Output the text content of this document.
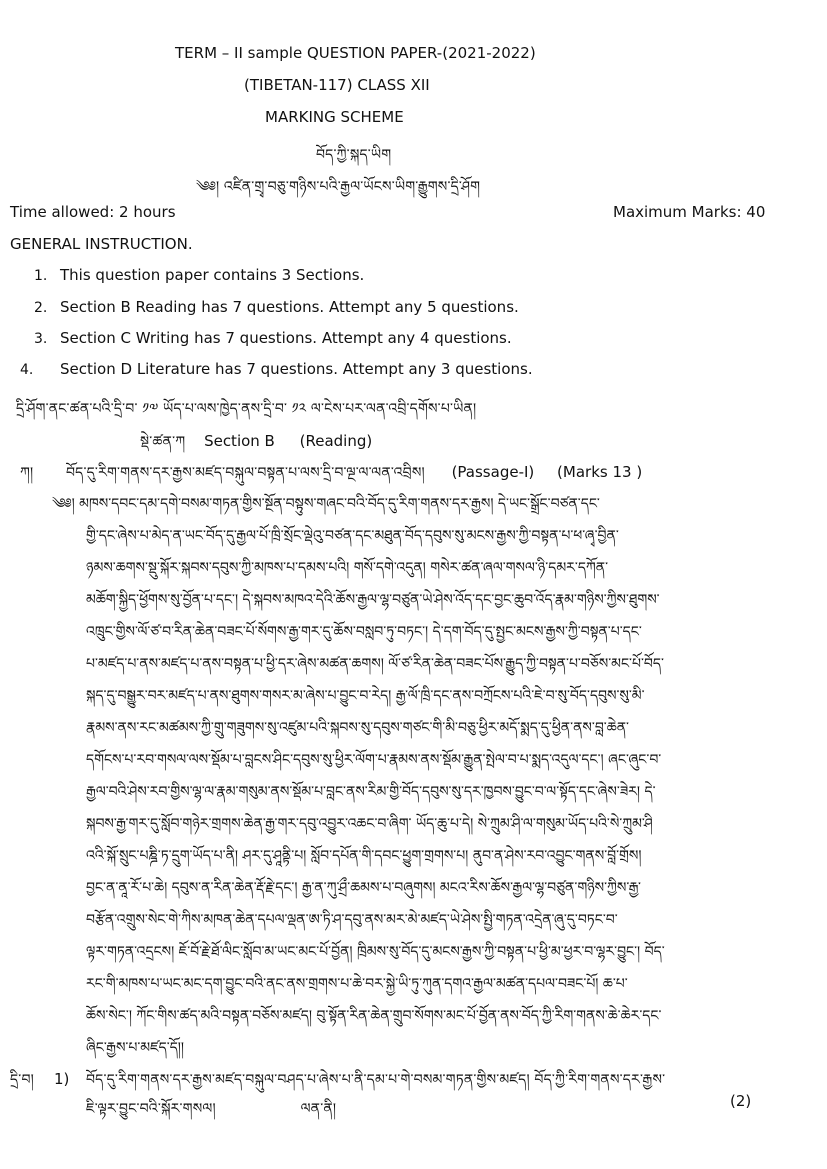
TERM – II sample QUESTION PAPER-(2021-2022)
(TIBETAN-117) CLASS XII
MARKING SCHEME
བོད་ཀྱི་སྐད་ཡིག
༄༅། འཛིན་གྲྭ་བཅུ་གཉིས་པའི་རྒྱལ་ཡོངས་ཡིག་རྒྱུགས་དྲི་ཤོག
Time allowed: 2 hours	Maximum Marks: 40
GENERAL INSTRUCTION.
1. This question paper contains 3 Sections.
2. Section B Reading has 7 questions. Attempt any 5 questions.
3. Section C Writing has 7 questions. Attempt any 4 questions.
4. Section D Literature has 7 questions. Attempt any 3 questions.
དྲི་ཤོག་ནང་ཚན་པའི་དྲི་བ་ ༡༧ ཡོད་པ་ལས་ཁྱེད་ནས་དྲི་བ་ ༡༢ ལ་ངེས་པར་ལན་འབྲི་དགོས་པ་ཡིན།
སྡེ་ཚན་ཀ Section B (Reading)
ཀ། བོད་དུ་རིག་གནས་དར་རྒྱས་མཛད་བསྐུལ་བསྟན་པ་ལས་དྲི་བ་ལྔ་ལ་ལན་འབྲིས། (Passage-I) (Marks 13 )
༄༅། མཁས་དབང་དམ་དགེ་བསམ་གཏན་གྱིས་སྔོན་བསྟུས་གཞང་བའི་བོད་དུ་རིག་གནས་དར་རྒྱས། དེ་ཡང་སྒྲོང་བཙན་དང་
གྱི་དང་ཞེས་པ་མེད་ན་ཡང་བོད་དུ་རྒྱལ་པོ་ཁྲི་སྲོང་ལྡེའུ་བཙན་དང་མཐུན་བོད་དབུས་སུ་མངས་རྒྱས་ཀྱི་བསྟན་པ་ཕ་ཞྭ་བྱིན་
ཉམས་ཆགས་སྡུ་སྐོར་སྐབས་དབུས་ཀྱི་མཁས་པ་དམས་པའི། གསོ་དགེ་འདུན། གསེར་ཚན་ཞལ་གསལ་ཉི་དམར་དཀོན་
མཆོག་སྐྱིད་ཕྱོགས་སུ་བྱོན་པ་དང་། དེ་སྐབས་མཁའ་དེའི་ཆོས་རྒྱལ་ལྷ་བཙུན་ཡེ་ཤེས་འོད་དང་བྱང་ཆུབ་འོད་རྣམ་གཉིས་ཀྱིས་ཐུགས་
འཁྲུང་གྱིས་ལོ་ཙ་བ་རིན་ཆེན་བཟང་པོ་སོགས་རྒྱ་གར་དུ་ཆོས་བསླབ་ཏུ་བཏང་། དེ་དག་བོད་དུ་སྤྱང་མངས་རྒྱས་ཀྱི་བསྟན་པ་དང་
པ་མཛད་པ་ནས་མཛད་པ་ནས་བསྟན་པ་ཕྱི་དར་ཞེས་མཚན་ཆགས། ལོ་ཙ་རིན་ཆེན་བཟང་པོས་རྒྱུད་ཀྱི་བསྟན་པ་བཅོས་མང་པོ་བོད་
སྐད་དུ་བསྒྱུར་བར་མཛད་པ་ནས་ཐུགས་གསར་མ་ཞེས་པ་བྱུང་བ་རེད། རྒྱ་ལོ་ཁྲི་དང་ནས་བཀྲོངས་པའི་ཇེ་བ་སུ་བོད་དབུས་སུ་མི་
རྣམས་ནས་རང་མཚམས་ཀྱི་གྲུ་གཟུགས་སུ་འཛུམ་པའི་སྐབས་སུ་དབུས་གཙང་གི་མི་བཅུ་ཕྱིར་མདོ་སྨད་དུ་ཕྱིན་ནས་བླ་ཆེན་
དགོངས་པ་རབ་གསལ་ལས་སྡོམ་པ་བླངས་ཤིང་དབུས་སུ་ཕྱིར་ལོག་པ་རྣམས་ནས་སྡོམ་རྒྱུན་སྤེལ་བ་པ་སྨད་འདུལ་དང་། ཞང་ཞུང་བ་
རྒྱལ་བའི་ཤེས་རབ་གྱིས་ལྷ་ལ་རྣམ་གསུམ་ནས་སྡོམ་པ་བླང་ནས་རིམ་གྱི་བོད་དབུས་སུ་དར་ཁྱབས་བྱུང་བ་ལ་སྟོད་དང་ཞེས་ཟེར། དེ་
སྐབས་རྒྱ་གར་དུ་སློབ་གཉེར་གྲགས་ཆེན་རྒྱ་གར་དབུ་འབྱུར་འཆང་བ་ཞིག་ ཡོད་ཆུ་པ་དེ། སེ་ཀྲུམ་ཤི་ལ་གསུམ་ཡོད་པའི་སེ་ཀྲུམ་ཤི
འའི་སྐོ་སྲུང་པཎྜི་ཏ་དྲུག་ཡོད་པ་ནི། ཤར་དུ་ཤཱནྟི་པ། སློབ་དཔོན་གི་དབང་ཕྱུག་གྲགས་པ། ནུབ་ན་ཤེས་རབ་འབྱུང་གནས་བློ་གྲོས།
བྱང་ན་ནཱ་རོ་པ་ཆེ། དབུས་ན་རིན་ཆེན་རྡོ་རྗེ་དང་། རྒྱ་ན་ཀུ་ཤྲྀ་ཆམས་པ་བཞུགས། མངའ་རིས་ཆོས་རྒྱལ་ལྷ་བཙུན་གཉིས་ཀྱིས་རྒྱ་
བརྩོན་འགྲུས་སེང་གེ་ཀིས་མཁན་ཆེན་དཔལ་ལྡན་ཨ་ཏི་ཤ་དབུ་ནས་མར་མེ་མཛད་ཡེ་ཤེས་སྤྱི་གཏན་འདྲེན་ཞུ་དུ་བཏང་བ་
ལྟར་གཏན་འདྲངས། ཇོ་བོ་རྗེ་ཐོ་ལིང་སློབ་མ་ཡང་མང་པོ་བྱོན། ཁྲིམས་སུ་བོད་དུ་མངས་རྒྱས་ཀྱི་བསྟན་པ་ཕྱི་མ་ཕྱར་བ་ལྷར་བྱུང་། བོད་
རང་གི་མཁས་པ་ཡང་མང་དག་བྱུང་བའི་ནང་ནས་གྲགས་པ་ཆེ་བར་སྐྱེ་ཡི་ཏུ་ཀུན་དགའ་རྒྱལ་མཚན་དཔལ་བཟང་པོ། ཆ་པ་
ཆོས་སེང་། ཀོང་གིས་ཚད་མའི་བསྟན་བཅོས་མཛད། བུ་སྟོན་རིན་ཆེན་གྲུབ་སོགས་མང་པོ་བྱོན་ནས་བོད་ཀྱི་རིག་གནས་ཆེ་ཆེར་དང་
ཞིང་རྒྱས་པ་མཛད་དོ།།
དྲི་བ། 1) བོད་དུ་རིག་གནས་དར་རྒྱས་མཛད་བསྐུལ་བཤད་པ་ཞེས་པ་ནི་དམ་པ་གེ་བསམ་གཏན་གྱིས་མཛད། བོད་ཀྱི་རིག་གནས་དར་རྒྱས་
ཇི་ལྟར་བྱུང་བའི་སྐོར་གསལ།	ལན་ནི།	(2)
